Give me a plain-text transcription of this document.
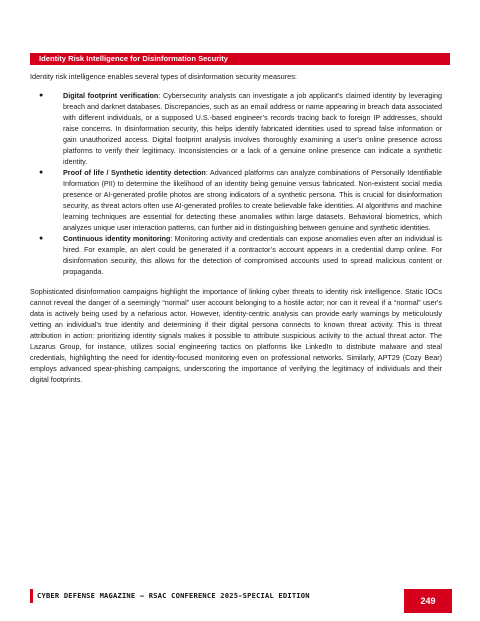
Identity Risk Intelligence for Disinformation Security

Identity risk intelligence enables several types of disinformation security measures:

●	Digital footprint verification: Cybersecurity analysts can investigate a job applicant’s claimed identity by leveraging breach and darknet databases. Discrepancies, such as an email address or name appearing in breach data associated with different individuals, or a supposed U.S.-based engineer’s records tracing back to foreign IP addresses, should raise concerns. In disinformation security, this helps identify fabricated identities used to spread false information or gain unauthorized access. Digital footprint analysis involves thoroughly examining a user's online presence across platforms to verify their legitimacy. Inconsistencies or a lack of a genuine online presence can indicate a synthetic identity.
●	Proof of life / Synthetic identity detection: Advanced platforms can analyze combinations of Personally Identifiable Information (PII) to determine the likelihood of an identity being genuine versus fabricated. Non-existent social media presence or AI-generated profile photos are strong indicators of a synthetic persona. This is crucial for disinformation security, as threat actors often use AI-generated profiles to create believable fake identities. AI algorithms and machine learning techniques are essential for detecting these anomalies within large datasets. Behavioral biometrics, which analyzes unique user interaction patterns, can further aid in distinguishing between genuine and synthetic identities.
●	Continuous identity monitoring: Monitoring activity and credentials can expose anomalies even after an individual is hired. For example, an alert could be generated if a contractor’s account appears in a credential dump online. For disinformation security, this allows for the detection of compromised accounts used to spread malicious content or propaganda.

Sophisticated disinformation campaigns highlight the importance of linking cyber threats to identity risk intelligence. Static IOCs cannot reveal the danger of a seemingly “normal” user account belonging to a hostile actor; nor can it reveal if a “normal” user's data is actively being used by a nefarious actor. However, identity-centric analysis can provide early warnings by meticulously vetting an individual's true identity and determining if their digital persona connects to known threat activity. This is threat attribution in action: prioritizing identity signals makes it possible to attribute suspicious activity to the actual threat actor. The Lazarus Group, for instance, utilizes social engineering tactics on platforms like LinkedIn to distribute malware and steal credentials, highlighting the need for identity-focused monitoring even on professional networks. Similarly, APT29 (Cozy Bear) employs advanced spear-phishing campaigns, underscoring the importance of verifying the legitimacy of individuals and their digital footprints.

CYBER DEFENSE MAGAZINE – RSAC CONFERENCE 2025-SPECIAL EDITION
249
